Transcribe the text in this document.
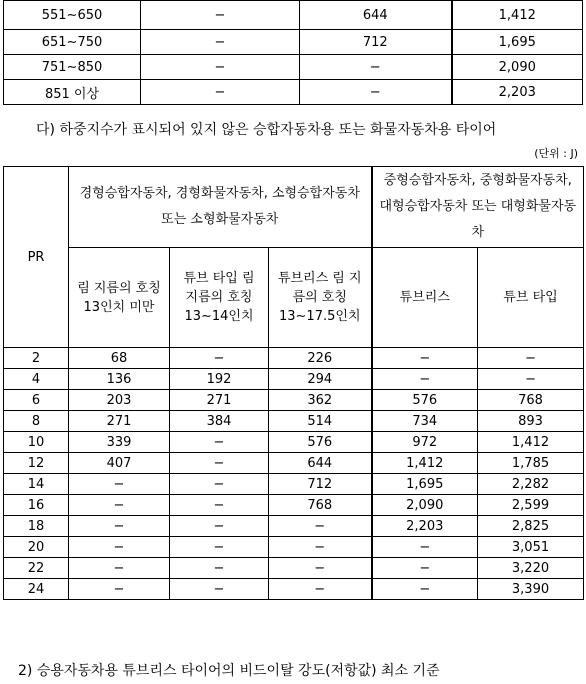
551∼650	−	644	1,412
651∼750	−	712	1,695
751∼850	−	−	2,090
851 이상	−	−	2,203
다) 하중지수가 표시되어 있지 않은 승합자동차용 또는 화물자동차용 타이어
(단위 : J)
PR	경형승합자동차, 경형화물자동차, 소형승합자동차 또는 소형화물자동차			중형승합자동차, 중형화물자동차, 대형승합자동차 또는 대형화물자동차	
	림 지름의 호칭 13인치 미만	튜브 타입 림 지름의 호칭 13∼14인치	튜브리스 림 지름의 호칭 13∼17.5인치	튜브리스	튜브 타입
2	68	−	226	−	−
4	136	192	294	−	−
6	203	271	362	576	768
8	271	384	514	734	893
10	339	−	576	972	1,412
12	407	−	644	1,412	1,785
14	−	−	712	1,695	2,282
16	−	−	768	2,090	2,599
18	−	−	−	2,203	2,825
20	−	−	−	−	3,051
22	−	−	−	−	3,220
24	−	−	−	−	3,390
2) 승용자동차용 튜브리스 타이어의 비드이탈 강도(저항값) 최소 기준
